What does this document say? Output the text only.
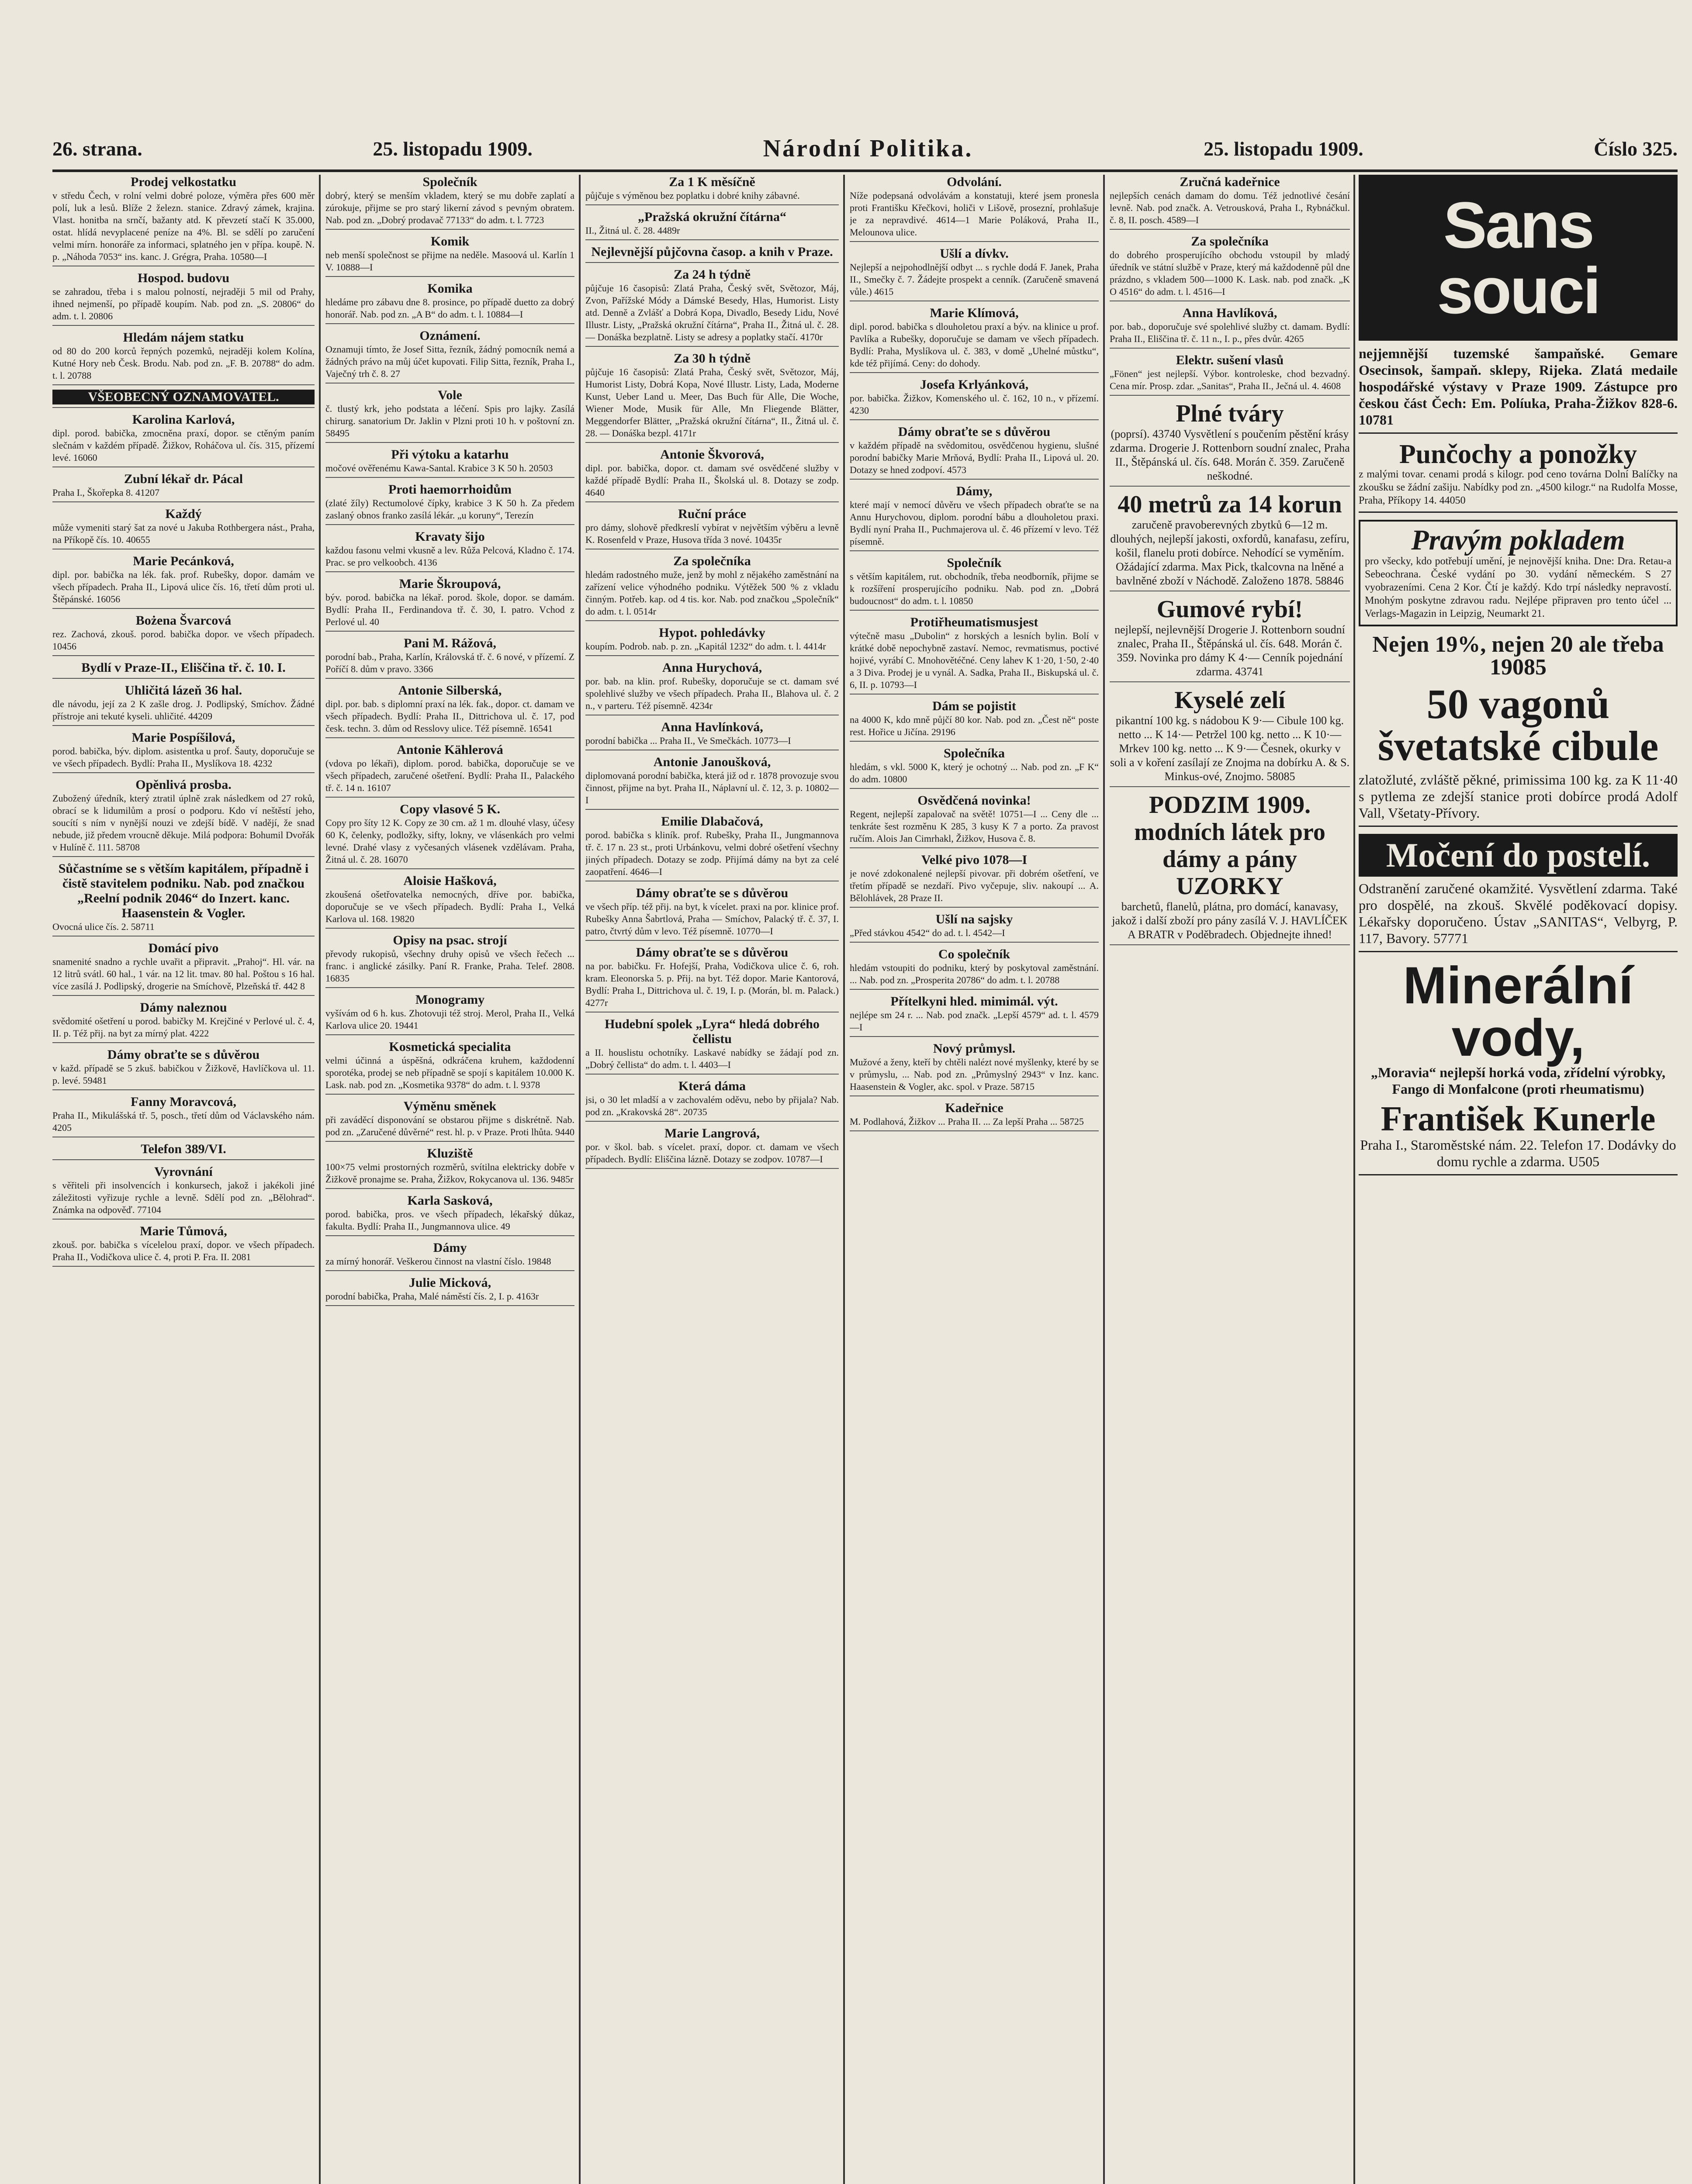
26. strana.	25. listopadu 1909.	Národní Politika.	25. listopadu 1909.	Číslo 325.
Prodej velkostatku
v středu Čech, v rolní velmi dobré poloze, výměra přes 600 měr polí, luk a lesů. Blíže 2 železn. stanice. Zdravý zámek, krajina. Vlast. honitba na srnčí, bažanty atd. K převzetí stačí K 35.000, ostat. hlídá nevyplacené peníze na 4%. Bl. se sdělí po zaručení velmi mírn. honoráře za informaci, splatného jen v přípa. koupě. N. p. „Náhoda 7053“ ins. kanc. J. Grégra, Praha. 10580—I
Hospod. budovu
se zahradou, třeba i s malou polností, nejraději 5 mil od Prahy, ihned nejmenší, po případě koupím. Nab. pod zn. „S. 20806“ do adm. t. l. 20806
Hledám nájem statku
od 80 do 200 korců řepných pozemků, nejraději kolem Kolína, Kutné Hory neb Česk. Brodu. Nab. pod zn. „F. B. 20788“ do adm. t. l. 20788
VŠEOBECNÝ OZNAMOVATEL.
Karolina Karlová,
dipl. porod. babička, zmocněna praxí, dopor. se ctěným paním slečnám v každém případě. Žižkov, Roháčova ul. čís. 315, přízemí levé. 16060
Zubní lékař dr. Pácal
Praha I., Škořepka 8. 41207
Každý
může vymeniti starý šat za nové u Jakuba Rothbergera nást., Praha, na Příkopě čís. 10. 40655
Marie Pecánková,
dipl. por. babička na lék. fak. prof. Rubešky, dopor. damám ve všech případech. Praha II., Lipová ulice čís. 16, třetí dům proti ul. Štěpánské. 16056
Bożena Švarcová
rez. Zachová, zkouš. porod. babička dopor. ve všech případech. 10456
Bydlí v Praze-II., Eliščina tř. č. 10. I.
Uhličitá lázeň 36 hal.
dle návodu, její za 2 K zašle drog. J. Podlipský, Smíchov. Žádné přístroje ani tekuté kyseli. uhličité. 44209
Marie Pospíšilová,
porod. babička, býv. diplom. asistentka u prof. Šauty, doporučuje se ve všech případech. Bydlí: Praha II., Myslíkova 18. 4232
Opěnlivá prosba.
Zubožený úředník, který ztratil úplně zrak následkem od 27 roků, obrací se k lidumilům a prosí o podporu. Kdo ví neštěstí jeho, soucítí s ním v nynější nouzi ve zdejší bídě. V nadějí, že snad nebude, již předem vroucně děkuje. Milá podpora: Bohumil Dvořák v Hulíně č. 111. 58708
Sůčastníme se s větším kapitálem, případně i čistě stavitelem podniku. Nab. pod značkou „Reelní podnik 2046“ do Inzert. kanc. Haasenstein & Vogler.
Ovocná ulice čís. 2. 58711
Domácí pivo
snamenité snadno a rychle uvařit a připravit. „Prahoj“. Hl. vár. na 12 litrů svátl. 60 hal., 1 vár. na 12 lit. tmav. 80 hal. Poštou s 16 hal. více zasílá J. Podlipský, drogerie na Smíchově, Plzeňská tř. 442 8
Dámy naleznou
svědomité ošetření u porod. babičky M. Krejčiné v Perlové ul. č. 4, II. p. Též přij. na byt za mírný plat. 4222
Dámy obraťte se s důvěrou
v každ. případě se 5 zkuš. babičkou v Žižkově, Havlíčkova ul. 11. p. levé. 59481
Fanny Moravcová,
Praha II., Mikulášská tř. 5, posch., třetí dům od Václavského nám. 4205
Telefon 389/VI.
Vyrovnání
s věřiteli při insolvencích i konkursech, jakož i jakékoli jiné záležitosti vyřizuje rychle a levně. Sdělí pod zn. „Bělohrad“. Známka na odpověď. 77104
Marie Tůmová,
zkouš. por. babička s vícelelou praxí, dopor. ve všech případech. Praha II., Vodičkova ulice č. 4, proti P. Fra. II. 2081
Společník
dobrý, který se menším vkladem, který se mu dobře zaplatí a zúrokuje, přijme se pro starý likerní závod s pevným obratem. Nab. pod zn. „Dobrý prodavač 77133“ do adm. t. l. 7723
Komik
neb menší společnost se přijme na neděle. Masoová ul. Karlín 1 V. 10888—I
Komika
hledáme pro zábavu dne 8. prosince, po případě duetto za dobrý honorář. Nab. pod zn. „A B“ do adm. t. l. 10884—I
Oznámení.
Oznamuji tímto, že Josef Sitta, řezník, žádný pomocník nemá a žádných právo na můj účet kupovati. Filip Sitta, řezník, Praha I., Vaječný trh č. 8. 27
Vole
č. tlustý krk, jeho podstata a léčení. Spis pro lajky. Zasílá chirurg. sanatorium Dr. Jaklin v Plzni proti 10 h. v poštovní zn. 58495
Při výtoku a katarhu
močové ověřenému Kawa-Santal. Krabice 3 K 50 h. 20503
Proti haemorrhoidům
(zlaté žíly) Rectumolové čípky, krabice 3 K 50 h. Za předem zaslaný obnos franko zasílá lékár. „u koruny“, Terezín
Kravaty šijo
každou fasonu velmi vkusně a lev. Růža Pelcová, Kladno č. 174. Prac. se pro velkoobch. 4136
Marie Škroupová,
býv. porod. babička na lékař. porod. škole, dopor. se damám. Bydlí: Praha II., Ferdinandova tř. č. 30, I. patro. Vchod z Perlové ul. 40
Pani M. Rážová,
porodní bab., Praha, Karlín, Královská tř. č. 6 nové, v přízemí. Z Poříčí 8. dům v pravo. 3366
Antonie Silberská,
dipl. por. bab. s diplomní praxí na lék. fak., dopor. ct. damam ve všech případech. Bydlí: Praha II., Dittrichova ul. č. 17, pod česk. techn. 3. dům od Resslovy ulice. Též písemně. 16541
Antonie Kählerová
(vdova po lékaři), diplom. porod. babička, doporučuje se ve všech případech, zaručené ošetření. Bydlí: Praha II., Palackého tř. č. 14 n. 16107
Copy vlasové 5 K.
Copy pro šíty 12 K. Copy ze 30 cm. až 1 m. dlouhé vlasy, účesy 60 K, čelenky, podložky, sifty, lokny, ve vlásenkách pro velmi levné. Drahé vlasy z vyčesaných vlásenek vzdělávam. Praha, Žitná ul. č. 28. 16070
Aloisie Hašková,
zkoušená ošetřovatelka nemocných, dříve por. babička, doporučuje se ve všech případech. Bydlí: Praha I., Velká Karlova ul. 168. 19820
Opisy na psac. strojí
převody rukopisů, všechny druhy opisů ve všech řečech ... franc. i anglické zásilky. Paní R. Franke, Praha. Telef. 2808. 16835
Monogramy
vyšívám od 6 h. kus. Zhotovuji též stroj. Merol, Praha II., Velká Karlova ulice 20. 19441
Kosmetická specialita
velmi účinná a úspěšná, odkráčena kruhem, každodenní sporotéka, prodej se neb případně se spojí s kapitálem 10.000 K. Lask. nab. pod zn. „Kosmetika 9378“ do adm. t. l. 9378
Výměnu směnek
při zaváděcí disponování se obstarou přijme s diskrétně. Nab. pod zn. „Zaručené důvěrné“ rest. hl. p. v Praze. Proti lhůta. 9440
Kluziště
100×75 velmi prostorných rozměrů, svítilna elektricky dobře v Žižkově pronajme se. Praha, Žižkov, Rokycanova ul. 136. 9485r
Karla Sasková,
porod. babička, pros. ve všech případech, lékařský důkaz, fakulta. Bydlí: Praha II., Jungmannova ulice. 49
Dámy
za mírný honorář. Veškerou činnost na vlastní číslo. 19848
Julie Micková,
porodní babička, Praha, Malé náměstí čís. 2, I. p. 4163r
Za 1 K měsíčně
půjčuje s výměnou bez poplatku i dobré knihy zábavné.
„Pražská okružní čítárna“
II., Žitná ul. č. 28. 4489r
Nejlevnější půjčovna časop. a knih v Praze.
Za 24 h týdně
půjčuje 16 časopisů: Zlatá Praha, Český svět, Světozor, Máj, Zvon, Pařížské Módy a Dámské Besedy, Hlas, Humorist. Listy atd. Denně a Zvlášť a Dobrá Kopa, Divadlo, Besedy Lidu, Nové Illustr. Listy, „Pražská okružní čítárna“, Praha II., Žitná ul. č. 28. — Donáška bezplatně. Listy se adresy a poplatky stačí. 4170r
Za 30 h týdně
půjčuje 16 časopisů: Zlatá Praha, Český svět, Světozor, Máj, Humorist Listy, Dobrá Kopa, Nové Illustr. Listy, Lada, Moderne Kunst, Ueber Land u. Meer, Das Buch für Alle, Die Woche, Wiener Mode, Musik für Alle, Mn Fliegende Blätter, Meggendorfer Blätter, „Pražská okružní čítárna“, II., Žitná ul. č. 28. — Donáška bezpl. 4171r
Antonie Škvorová,
dipl. por. babička, dopor. ct. damam své osvědčené služby v každé případě Bydlí: Praha II., Školská ul. 8. Dotazy se zodp. 4640
Ruční práce
pro dámy, slohově předkreslí vybírat v největším výběru a levně K. Rosenfeld v Praze, Husova třída 3 nové. 10435r
Za společníka
hledám radostného muže, jenž by mohl z nějakého zaměstnání na zařízení velice výhodného podniku. Výtěžek 500 % z vkladu činným. Potřeb. kap. od 4 tis. kor. Nab. pod značkou „Společník“ do adm. t. l. 0514r
Hypot. pohledávky
koupím. Podrob. nab. p. zn. „Kapitál 1232“ do adm. t. l. 4414r
Anna Hurychová,
por. bab. na klin. prof. Rubešky, doporučuje se ct. damam své spolehlivé služby ve všech případech. Praha II., Blahova ul. č. 2 n., v parteru. Též písemně. 4234r
Anna Havlínková,
porodní babička ... Praha II., Ve Smečkách. 10773—I
Antonie Janoušková,
diplomovaná porodní babička, která již od r. 1878 provozuje svou činnost, přijme na byt. Praha II., Náplavní ul. č. 12, 3. p. 10802—I
Emilie Dlabačová,
porod. babička s kliník. prof. Rubešky, Praha II., Jungmannova tř. č. 17 n. 23 st., proti Urbánkovu, velmi dobré ošetření všechny jiných případech. Dotazy se zodp. Přijímá dámy na byt za celé zaopatření. 4646—I
Dámy obraťte se s důvěrou
ve všech příp. též přij. na byt, k vícelet. praxi na por. klinice prof. Rubešky Anna Šabrtlová, Praha — Smíchov, Palacký tř. č. 37, I. patro, čtvrtý dům v levo. Též písemně. 10770—I
Dámy obraťte se s důvěrou
na por. babičku. Fr. Hofejší, Praha, Vodičkova ulice č. 6, roh. kram. Eleonorska 5. p. Přij. na byt. Též dopor. Marie Kantorová, Bydlí: Praha I., Dittrichova ul. č. 19, I. p. (Morán, bl. m. Palack.) 4277r
Hudební spolek „Lyra“ hledá dobrého čellistu
a II. houslistu ochotníky. Laskavé nabídky se žádají pod zn. „Dobrý čellista“ do adm. t. l. 4403—I
Která dáma
jsi, o 30 let mladší a v zachovalém oděvu, nebo by přijala? Nab. pod zn. „Krakovská 28“. 20735
Marie Langrová,
por. v škol. bab. s vícelet. praxí, dopor. ct. damam ve všech případech. Bydlí: Eliščina lázně. Dotazy se zodpov. 10787—I
Odvolání.
Níže podepsaná odvolávám a konstatuji, které jsem pronesla proti Františku Křečkovi, holiči v Lišově, prosezní, prohlašuje je za nepravdivé. 4614—1 Marie Poláková, Praha II., Melounova ulice.
Ušlí a dívkv.
Nejlepší a nejpohodlnější odbyt ... s rychle dodá F. Janek, Praha II., Smečky č. 7. Žádejte prospekt a cenník. (Zaručeně smavená vůle.) 4615
Marie Klímová,
dipl. porod. babička s dlouholetou praxí a býv. na klinice u prof. Pavlíka a Rubešky, doporučuje se damam ve všech případech. Bydlí: Praha, Myslíkova ul. č. 383, v domě „Uhelné můstku“, kde též přijímá. Ceny: do dohody.
Josefa Krlyánková,
por. babička. Žižkov, Komenského ul. č. 162, 10 n., v přízemí. 4230
Dámy obraťte se s důvěrou
v každém případě na svědomitou, osvědčenou hygienu, slušné porodní babičky Marie Mrňová, Bydlí: Praha II., Lipová ul. 20. Dotazy se hned zodpoví. 4573
Dámy,
které mají v nemocí důvěru ve všech případech obraťte se na Annu Hurychovou, diplom. porodní bábu a dlouholetou praxi. Bydlí nyní Praha II., Puchmajerova ul. č. 46 přízemí v levo. Též písemně.
Společník
s větším kapitálem, rut. obchodník, třeba neodborník, přijme se k rozšíření prosperujícího podniku. Nab. pod zn. „Dobrá budoucnost“ do adm. t. l. 10850
Protiřheumatismusjest
výtečně masu „Dubolin“ z horských a lesních bylin. Bolí v krátké době nepochybně zastaví. Nemoc, revmatismus, poctivé hojivé, vyrábí C. Mnohovětéčné. Ceny lahev K 1·20, 1·50, 2·40 a 3 Diva. Prodej je u vynál. A. Sadka, Praha II., Biskupská ul. č. 6, II. p. 10793—I
Dám se pojistit
na 4000 K, kdo mně půjčí 80 kor. Nab. pod zn. „Čest ně“ poste rest. Hořice u Jičína. 29196
Společníka
hledám, s vkl. 5000 K, který je ochotný ... Nab. pod zn. „F K“ do adm. 10800
Osvědčená novinka!
Regent, nejlepší zapalovač na světě! 10751—I ... Ceny dle ... tenkráte šest rozměnu K 285, 3 kusy K 7 a porto. Za pravost ručím. Alois Jan Cimrhakl, Žižkov, Husova č. 8.
Velké pivo 1078—I
je nové zdokonalené nejlepší pivovar. při dobrém ošetření, ve třetím případě se nezdaří. Pivo vyčepuje, sliv. nakoupí ... A. Bělohlávek, 28 Praze II.
Ušlí na sajsky
„Před stávkou 4542“ do ad. t. l. 4542—I
Co společník
hledám vstoupiti do podniku, který by poskytoval zaměstnání. ... Nab. pod zn. „Prosperita 20786“ do adm. t. l. 20788
Přítelkyni hled. mimimál. výt.
nejlépe sm 24 r. ... Nab. pod značk. „Lepší 4579“ ad. t. l. 4579—I
Nový průmysl.
Mužové a ženy, kteří by chtěli nalézt nové myšlenky, které by se v průmyslu, ... Nab. pod zn. „Průmyslný 2943“ v Inz. kanc. Haasenstein & Vogler, akc. spol. v Praze. 58715
Kadeřnice
M. Podlahová, Žižkov ... Praha II. ... Za lepší Praha ... 58725
Zručná kadeřnice
nejlepších cenách damam do domu. Též jednotlivé česání levně. Nab. pod značk. A. Vetrousková, Praha I., Rybnáčkul. č. 8, II. posch. 4589—I
Za společníka
do dobrého prosperujícího obchodu vstoupil by mladý úředník ve státní službě v Praze, který má každodenně půl dne prázdno, s vkladem 500—1000 K. Lask. nab. pod značk. „K O 4516“ do adm. t. l. 4516—I
Anna Havlíková,
por. bab., doporučuje své spolehlivé služby ct. damam. Bydlí: Praha II., Eliščina tř. č. 11 n., I. p., přes dvůr. 4265
Elektr. sušení vlasů
„Fönen“ jest nejlepší. Výbor. kontroleske, chod bezvadný. Cena mír. Prosp. zdar. „Sanitas“, Praha II., Ječná ul. 4. 4608
Plné tváry
(poprsí). 43740 Vysvětlení s poučením pěstění krásy zdarma. Drogerie J. Rottenborn soudní znalec, Praha II., Štěpánská ul. čís. 648. Morán č. 359. Zaručeně neškodné.
40 metrů za 14 korun
zaručeně pravoberevných zbytků 6—12 m. dlouhých, nejlepší jakosti, oxfordů, kanafasu, zefíru, košil, flanelu proti dobírce. Nehodící se vyměním. Ožádající zdarma. Max Pick, tkalcovna na lněné a bavlněné zboží v Náchodě. Založeno 1878. 58846
Gumové rybí!
nejlepší, nejlevnější Drogerie J. Rottenborn soudní znalec, Praha II., Štěpánská ul. čís. 648. Morán č. 359. Novinka pro dámy K 4·— Cenník pojednání zdarma. 43741
Kyselé zelí
pikantní 100 kg. s nádobou K 9·— Cibule 100 kg. netto ... K 14·— Petržel 100 kg. netto ... K 10·— Mrkev 100 kg. netto ... K 9·— Česnek, okurky v soli a v koření zasílají ze Znojma na dobírku A. & S. Minkus-ové, Znojmo. 58085
PODZIM 1909. modních látek pro dámy a pány UZORKY
barchetů, flanelů, plátna, pro domácí, kanavasy, jakož i další zboží pro pány zasílá V. J. HAVLÍČEK A BRATR v Poděbradech. Objednejte ihned!
Sans souci
nejjemnější tuzemské šampaňské. Gemare Osecinsok, šampaň. sklepy, Rijeka. Zlatá medaile hospodářské výstavy v Praze 1909. Zástupce pro českou část Čech: Em. Políuka, Praha-Žižkov 828-6. 10781
Punčochy a ponožky
z malými tovar. cenami prodá s kilogr. pod ceno továrna Dolní Balíčky na zkoušku se žádní zašiju. Nabídky pod zn. „4500 kilogr.“ na Rudolfa Mosse, Praha, Příkopy 14. 44050
Pravým pokladem
pro všecky, kdo potřebují umění, je nejnovější kniha. Dne: Dra. Retau-a Sebeochrana. České vydání po 30. vydání německém. S 27 vyobrazeními. Cena 2 Kor. Čtí je každý. Kdo trpí následky nepravostí. Mnohým poskytne zdravou radu. Nejlépe připraven pro tento účel ... Verlags-Magazin in Leipzig, Neumarkt 21.
Nejen 19%, nejen 20 ale třeba 19085
50 vagonů švetatské cibule
zlatožluté, zvláště pěkné, primissima 100 kg. za K 11·40 s pytlema ze zdejší stanice proti dobírce prodá Adolf Vall, Všetaty-Přívory.
Močení do postelí.
Odstranění zaručené okamžité. Vysvětlení zdarma. Také pro dospělé, na zkouš. Skvělé poděkovací dopisy. Lékařsky doporučeno. Ústav „SANITAS“, Velbyrg, P. 117, Bavory. 57771
Minerální vody,
„Moravia“ nejlepší horká voda, zřídelní výrobky, Fango di Monfalcone (proti rheumatismu)
František Kunerle
Praha I., Staroměstské nám. 22. Telefon 17. Dodávky do domu rychle a zdarma. U505
